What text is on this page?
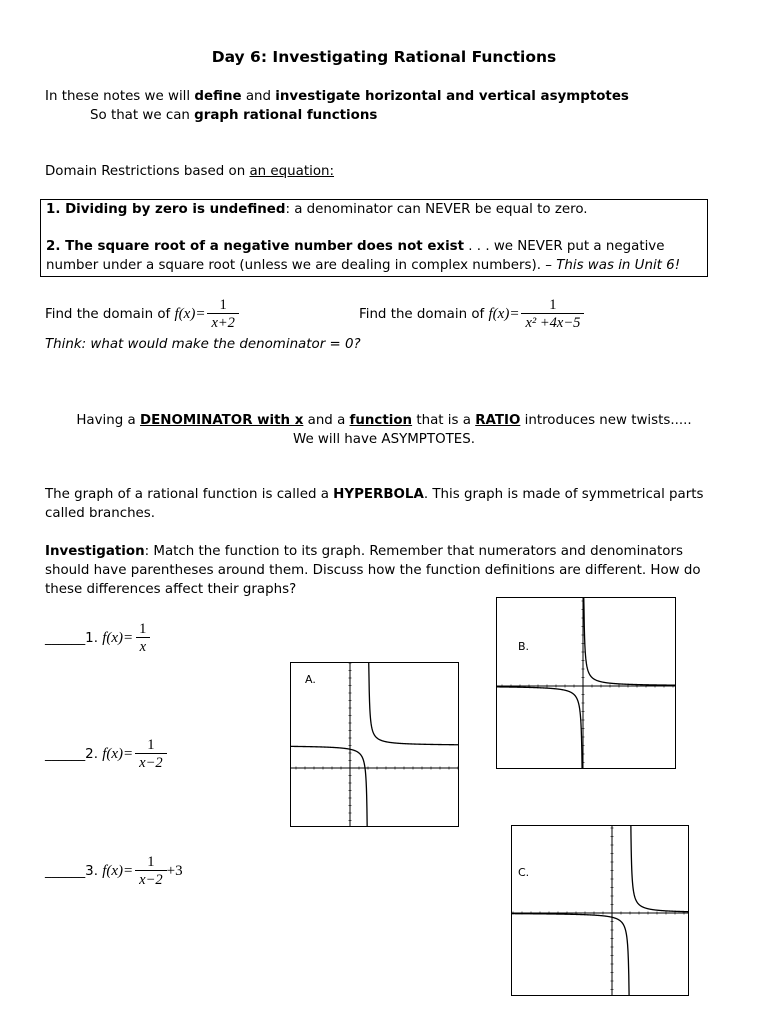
Day 6: Investigating Rational Functions
In these notes we will define and investigate horizontal and vertical asymptotes
So that we can graph rational functions
Domain Restrictions based on an equation:
1. Dividing by zero is undefined: a denominator can NEVER be equal to zero.
2. The square root of a negative number does not exist . . . we NEVER put a negative
number under a square root (unless we are dealing in complex numbers). – This was in Unit 6!
Find the domain of $f(x)= \frac{1}{x+2}$	Find the domain of $f(x)= \frac{1}{\text{x² +4x−5}}$
Think: what would make the denominator = 0?
Having a DENOMINATOR with x and a function that is a RATIO introduces new twists.....
We will have ASYMPTOTES.
The graph of a rational function is called a HYPERBOLA. This graph is made of symmetrical parts
called branches.
Investigation: Match the function to its graph. Remember that numerators and denominators
should have parentheses around them. Discuss how the function definitions are different. How do
these differences affect their graphs?
______1. $f(x)= \frac{1}{x}$
______2. $f(x)= \frac{1}{x-2}$
______3. $f(x)= \frac{1}{x-2} +3$
A.
B.
C.
